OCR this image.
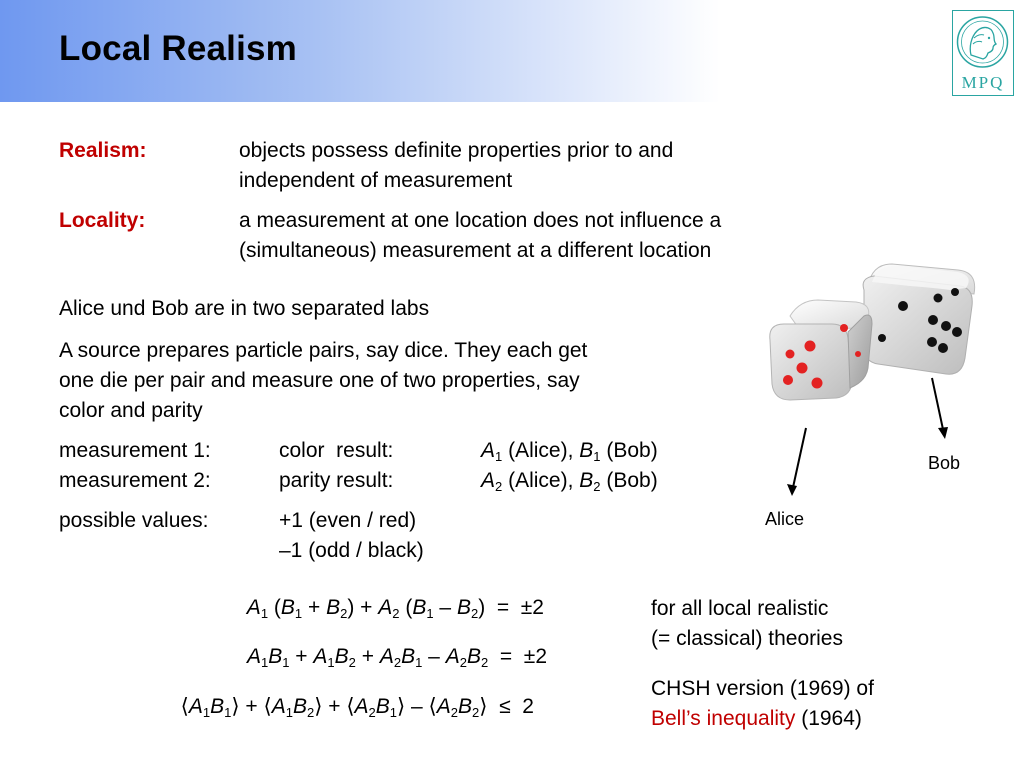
Local Realism
MPQ
Realism:	objects possess definite properties prior to and
independent of measurement
Locality:	a measurement at one location does not influence a
(simultaneous) measurement at a different location
Alice und Bob are in two separated labs
A source prepares particle pairs, say dice. They each get
one die per pair and measure one of two properties, say
color and parity
measurement 1:	color  result:	$A_1$ (Alice), $B_1$ (Bob)
measurement 2:	parity result:	$A_2$ (Alice), $B_2$ (Bob)
possible values:	+1 (even / red)
–1 (odd / black)
Bob
Alice
$A_1$ $(B_1 + B_2) + A_2$ $(B_1 - B_2) = \pm 2$
$A_1B_1 + A_1B_2 + A_2B_1 - A_2B_2 = \pm 2$
$⟨A_1B_1⟩$ + $⟨A_1B_2⟩$ + $⟨A_2B_1⟩$ – $⟨A_2B_2⟩ \le 2$
for all local realistic
(= classical) theories
CHSH version (1969) of
Bell’s inequality (1964)
